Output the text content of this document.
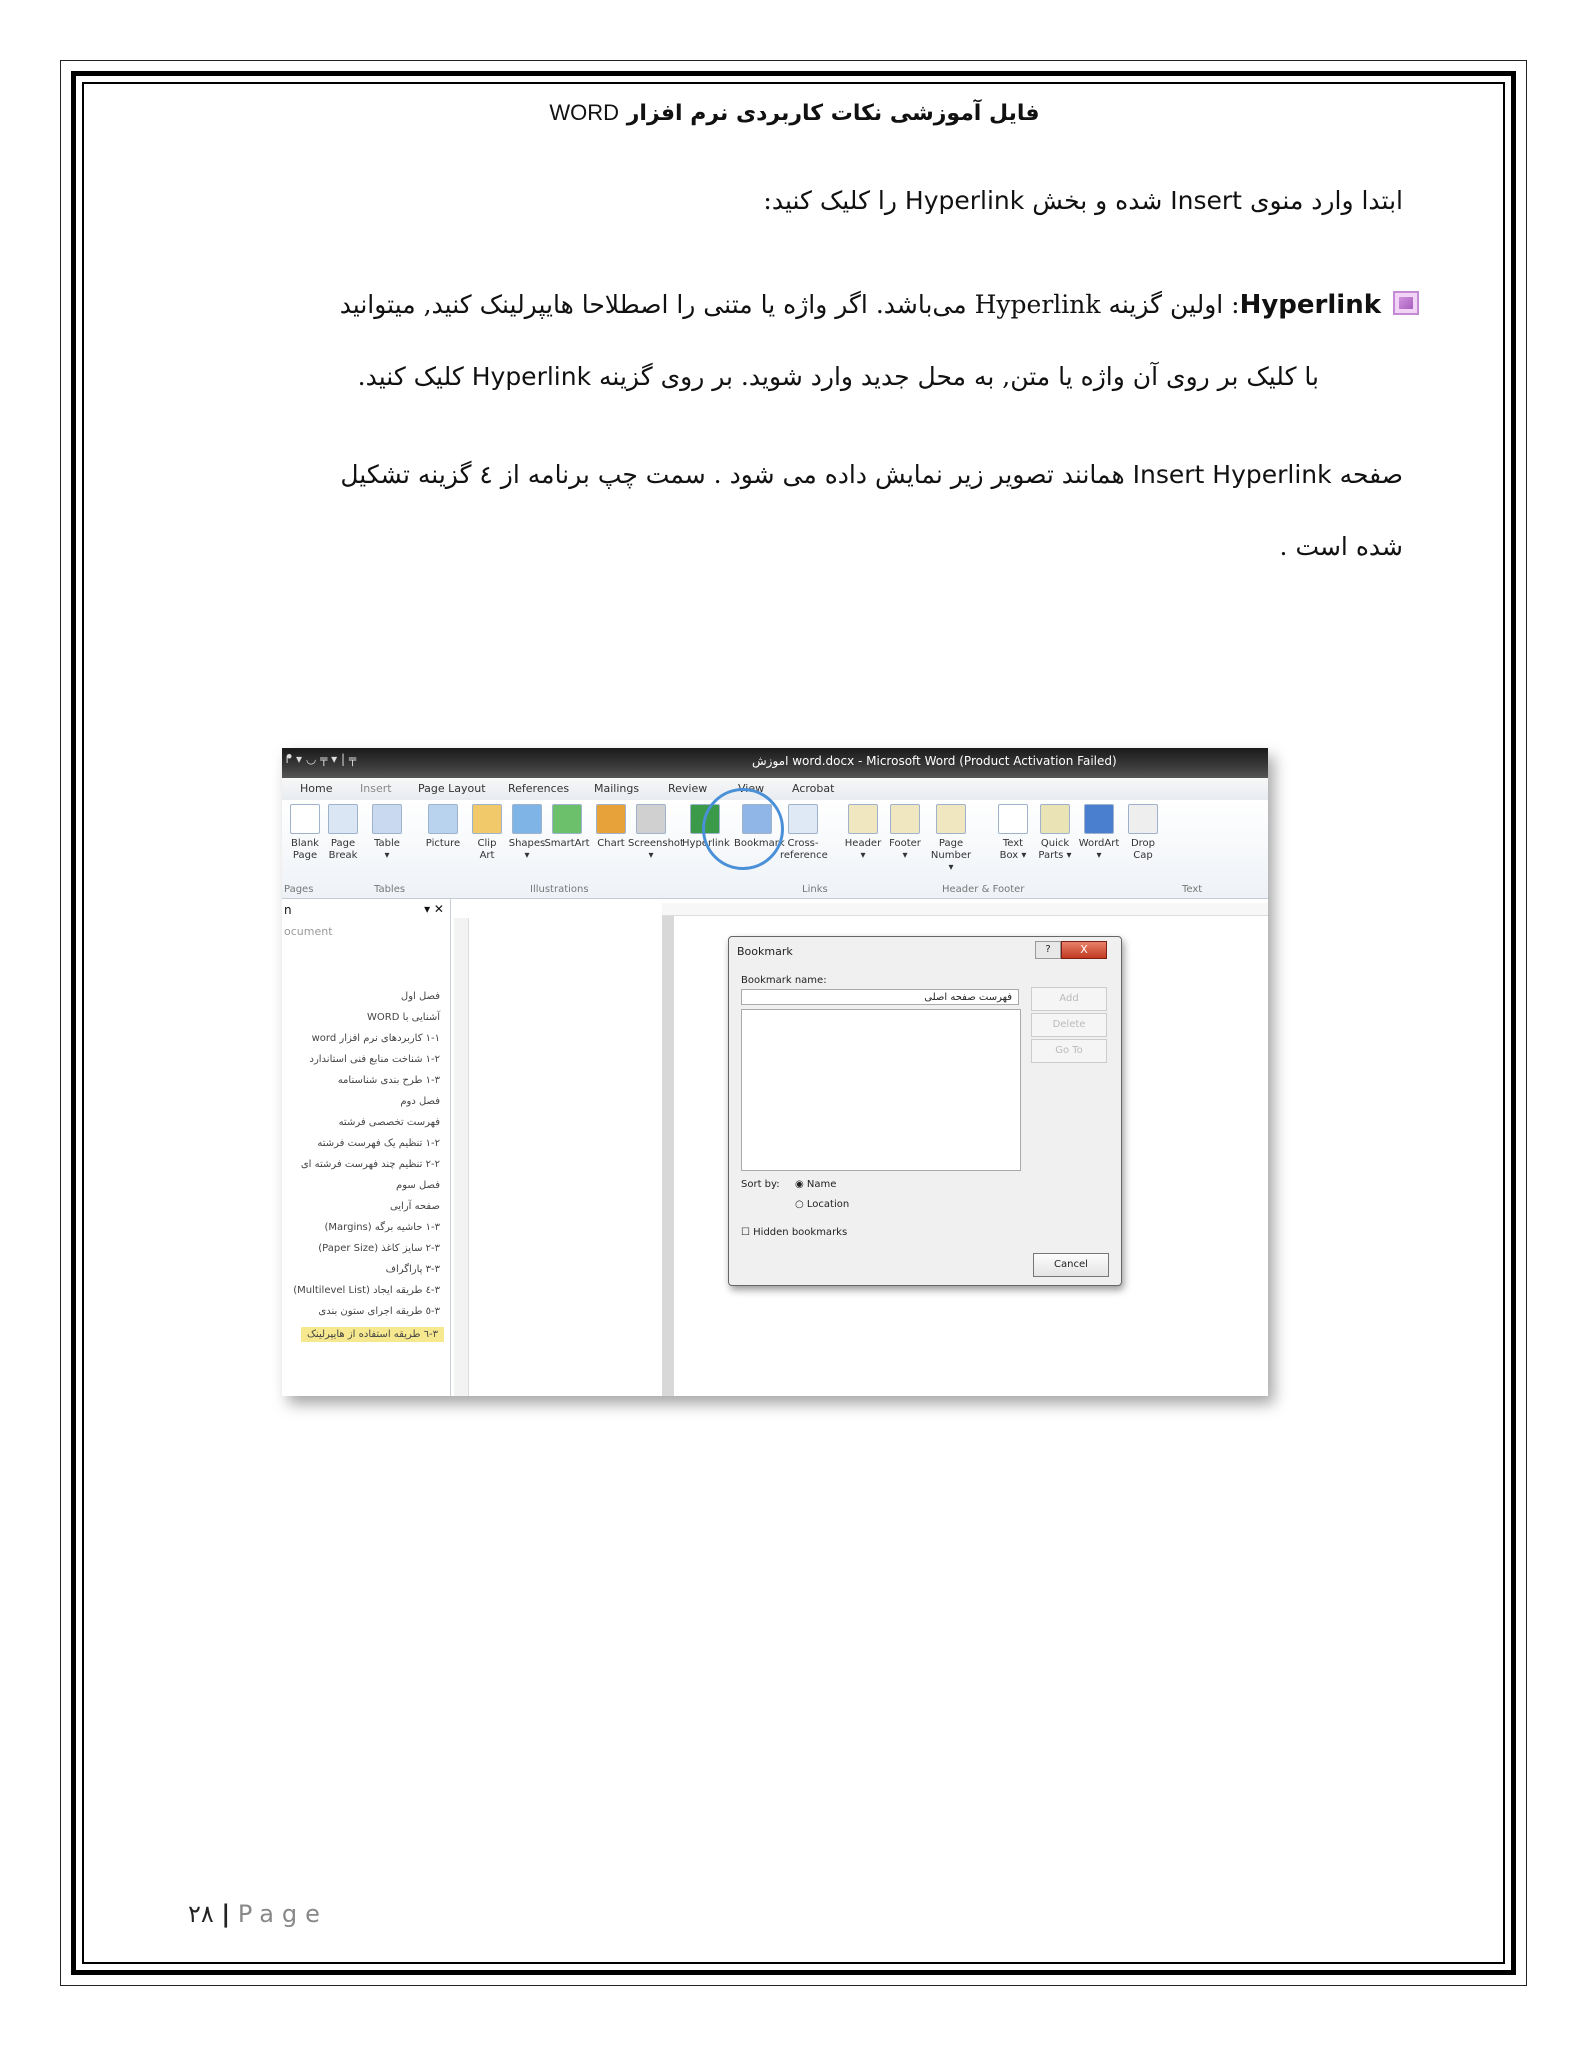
فایل آموزشی نکات کاربردی نرم افزار WORD
ابتدا وارد منوی Insert شده و بخش Hyperlink را کلیک کنید:
Hyperlink: اولین گزینه Hyperlink می‌باشد. اگر واژه یا متنی را اصطلاحا هایپرلینک کنید, میتوانید
با کلیک بر روی آن واژه یا متن, به محل جدید وارد شوید. بر روی گزینه Hyperlink کلیک کنید.
صفحه Insert Hyperlink همانند تصویر زیر نمایش داده می شود . سمت چپ برنامه از ٤ گزینه تشکیل
شده است .
ᖰ ▾ ◡ ╤ ▾ | ╤	اموزش word.docx - Microsoft Word (Product Activation Failed)
Home	Insert Page Layout References Mailings	Review	View	Acrobat
Blank
Page
Page
Break
Table
▾
Picture	Clip
Art
Shapes
▾
SmartArt Chart Screenshot
▾
Hyperlink Bookmark Cross-reference
Header
▾
Footer
▾
Page
Number ▾
Text
Box ▾
Quick
Parts ▾
WordArt
▾
Drop
Cap
Pages	Tables	Illustrations	Links	Header & Footer	Text
n	▾ ✕
ocument
فصل اول
آشنایی با WORD
١-١ کاربردهای نرم افزار word
٢-١ شناخت منابع فنی استاندارد
٣-١ طرح بندی شناسنامه
فصل دوم
فهرست تخصصی فرشته
٢-١ تنظیم یک فهرست فرشته
٢-٢ تنظیم چند فهرست فرشته ای
فصل سوم
صفحه آرایی
٣-١ حاشیه برگه (Margins)
٣-٢ سایز کاغذ (Paper Size)
٣-٣ پاراگراف
٣-٤ طریقه ایجاد (Multilevel List)
٣-٥ طریقه اجرای ستون بندی
٣-٦ طریقه استفاده از هایپرلینک
Bookmark	?	X
Bookmark name:
فهرست صفحه اصلی	Add
Delete
Go To
Sort by: ◉ Name
○ Location
☐ Hidden bookmarks
Cancel
٢٨ | Page
